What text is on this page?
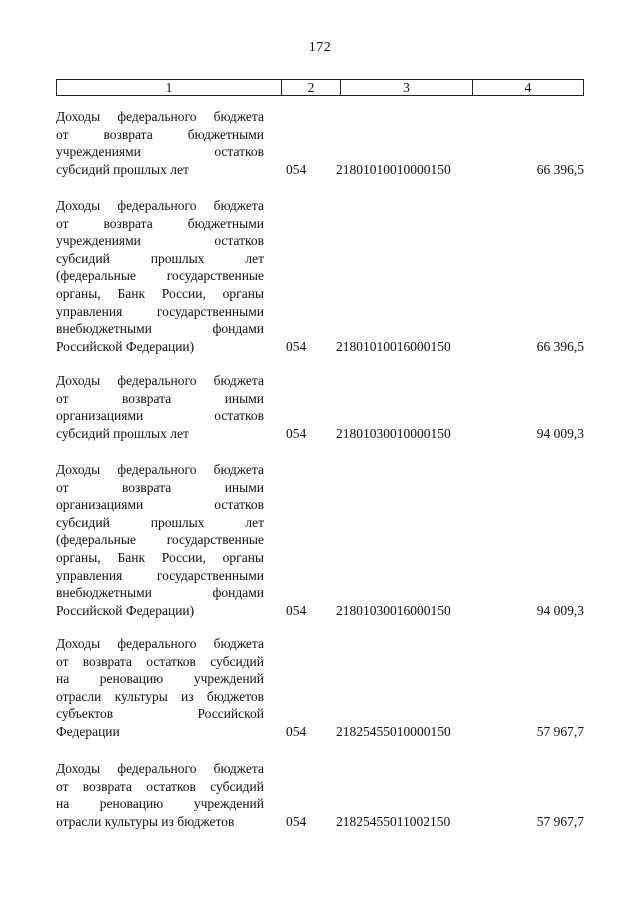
172
1	2	3	4
Доходы федерального бюджета
от возврата бюджетными
учреждениями остатков
субсидий прошлых лет	054	21801010010000150	66 396,5
Доходы федерального бюджета
от возврата бюджетными
учреждениями остатков
субсидий прошлых лет
(федеральные государственные
органы, Банк России, органы
управления государственными
внебюджетными фондами
Российской Федерации)	054	21801010016000150	66 396,5
Доходы федерального бюджета
от возврата иными
организациями остатков
субсидий прошлых лет	054	21801030010000150	94 009,3
Доходы федерального бюджета
от возврата иными
организациями остатков
субсидий прошлых лет
(федеральные государственные
органы, Банк России, органы
управления государственными
внебюджетными фондами
Российской Федерации)	054	21801030016000150	94 009,3
Доходы федерального бюджета
от возврата остатков субсидий
на реновацию учреждений
отрасли культуры из бюджетов
субъектов Российской
Федерации	054	21825455010000150	57 967,7
Доходы федерального бюджета
от возврата остатков субсидий
на реновацию учреждений
отрасли культуры из бюджетов	054	21825455011002150	57 967,7
